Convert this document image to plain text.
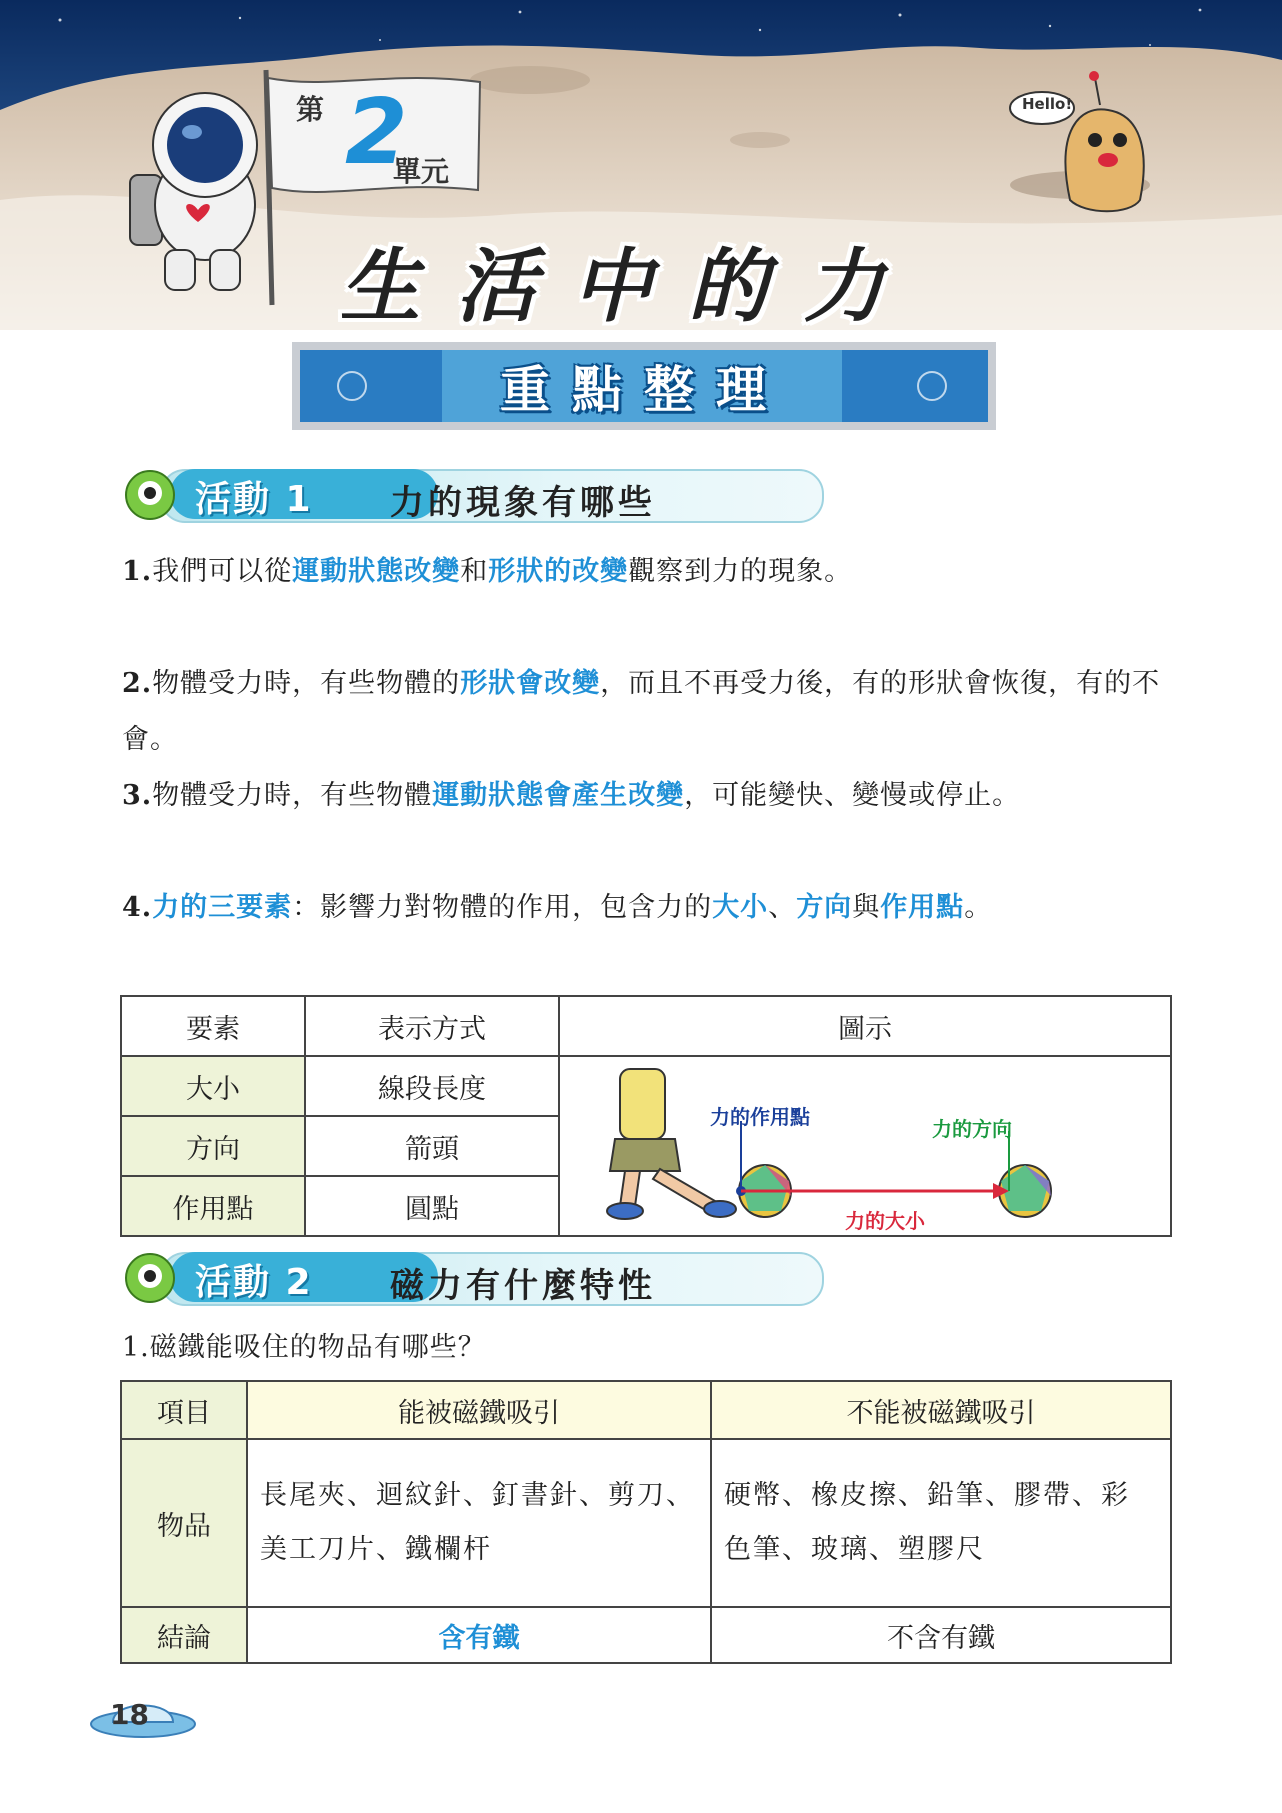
第 2
單元
生活中的力
Hello!
重點整理
活動 1 力的現象有哪些
1.我們可以從運動狀態改變和形狀的改變觀察到力的現象。
2.物體受力時，有些物體的形狀會改變，而且不再受力後，有的形狀會恢復，有的不會。
3.物體受力時，有些物體運動狀態會產生改變，可能變快、變慢或停止。
4.力的三要素：影響力對物體的作用，包含力的大小、方向與作用點。
要素	表示方式	圖示
大小	線段長度	力的作用點 力的方向
力的大小

方向	箭頭	
作用點	圓點	
活動 2 磁力有什麼特性
1.磁鐵能吸住的物品有哪些？
項目	能被磁鐵吸引	不能被磁鐵吸引
物品	長尾夾、迴紋針、釘書針、剪刀、美工刀片、鐵欄杆	硬幣、橡皮擦、鉛筆、膠帶、彩色筆、玻璃、塑膠尺
結論	含有鐵	不含有鐵
18
